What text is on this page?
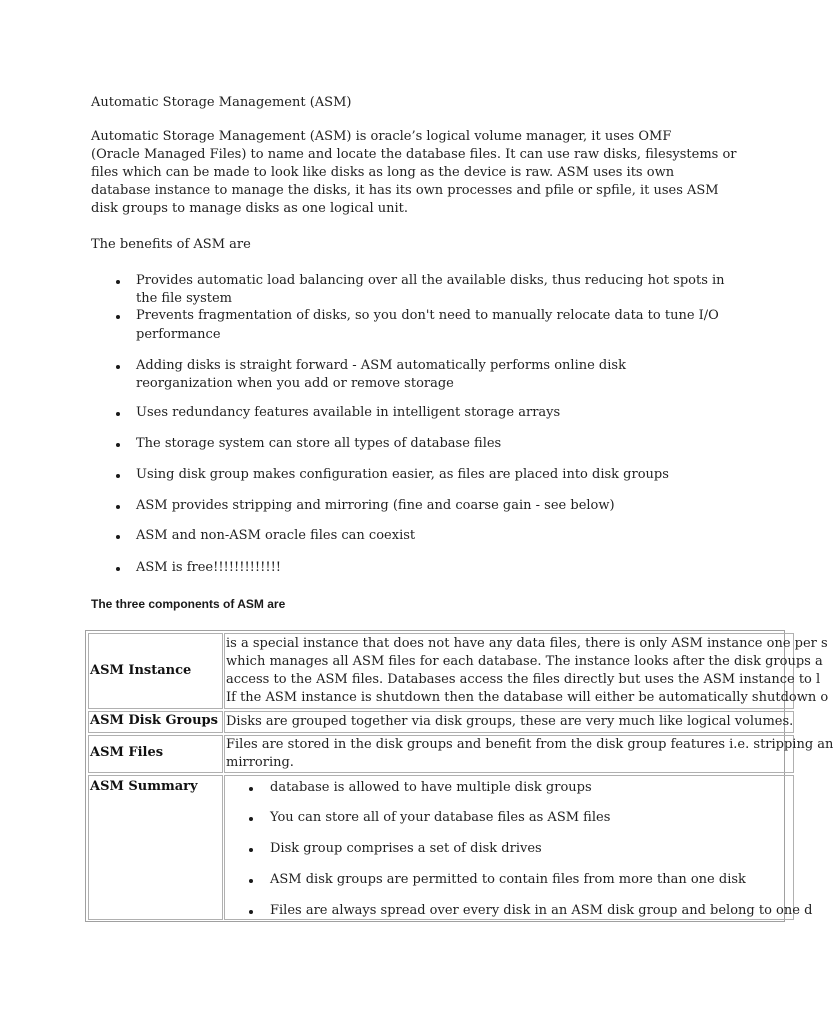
Automatic Storage Management (ASM)
Automatic Storage Management (ASM) is oracle’s logical volume manager, it uses OMF
(Oracle Managed Files) to name and locate the database files. It can use raw disks, filesystems or
files which can be made to look like disks as long as the device is raw. ASM uses its own
database instance to manage the disks, it has its own processes and pfile or spfile, it uses ASM
disk groups to manage disks as one logical unit.
The benefits of ASM are
Provides automatic load balancing over all the available disks, thus reducing hot spots in
the file system
Prevents fragmentation of disks, so you don't need to manually relocate data to tune I/O
performance
Adding disks is straight forward - ASM automatically performs online disk
reorganization when you add or remove storage
Uses redundancy features available in intelligent storage arrays
The storage system can store all types of database files
Using disk group makes configuration easier, as files are placed into disk groups
ASM provides stripping and mirroring (fine and coarse gain - see below)
ASM and non-ASM oracle files can coexist
ASM is free!!!!!!!!!!!!!
The three components of ASM are
ASM Instance
is a special instance that does not have any data files, there is only ASM instance one per s
which manages all ASM files for each database. The instance looks after the disk groups a
access to the ASM files. Databases access the files directly but uses the ASM instance to l
If the ASM instance is shutdown then the database will either be automatically shutdown o
ASM Disk Groups Disks are grouped together via disk groups, these are very much like logical volumes.
ASM Files
Files are stored in the disk groups and benefit from the disk group features i.e. stripping an
mirroring.
ASM Summary	database is allowed to have multiple disk groups
You can store all of your database files as ASM files
Disk group comprises a set of disk drives
ASM disk groups are permitted to contain files from more than one disk
Files are always spread over every disk in an ASM disk group and belong to one d
